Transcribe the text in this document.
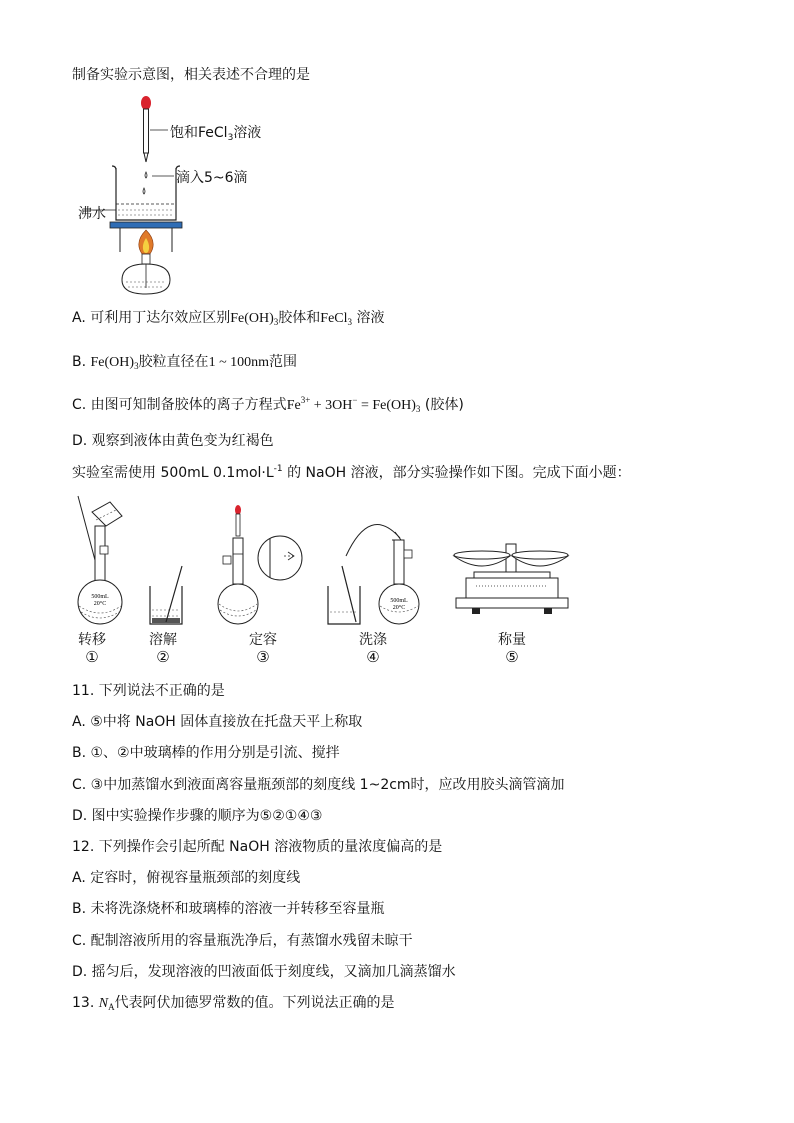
制备实验示意图，相关表述不合理的是
饱和FeCl$_3$溶液
滴入5~6滴
沸水
A. 可利用丁达尔效应区别$Fe(OH)_3$胶体和FeCl$_3$ 溶液
B. $Fe(OH)_3$胶粒直径在1 ~ 100nm范围
C. 由图可知制备胶体的离子方程式$Fe^{3+} + 3OH^- = Fe(OH)_3$ (胶体)
D. 观察到液体由黄色变为红褐色
实验室需使用 500mL $0.1mol\cdot L^{-1}$ 的 NaOH 溶液，部分实验操作如下图。完成下面小题：
500mL
20°C	500mL
20°C
转移
①
溶解
②
定容
③
洗涤
④
称量
⑤
11. 下列说法不正确的是
A. ⑤中将 NaOH 固体直接放在托盘天平上称取
B. ①、②中玻璃棒的作用分别是引流、搅拌
C. ③中加蒸馏水到液面离容量瓶颈部的刻度线 1~2cm时，应改用胶头滴管滴加
D. 图中实验操作步骤的顺序为⑤②①④③
12. 下列操作会引起所配 NaOH 溶液物质的量浓度偏高的是
A. 定容时，俯视容量瓶颈部的刻度线
B. 未将洗涤烧杯和玻璃棒的溶液一并转移至容量瓶
C. 配制溶液所用的容量瓶洗净后，有蒸馏水残留未晾干
D. 摇匀后，发现溶液的凹液面低于刻度线，又滴加几滴蒸馏水
13. $N_A$代表阿伏加德罗常数的值。下列说法正确的是
